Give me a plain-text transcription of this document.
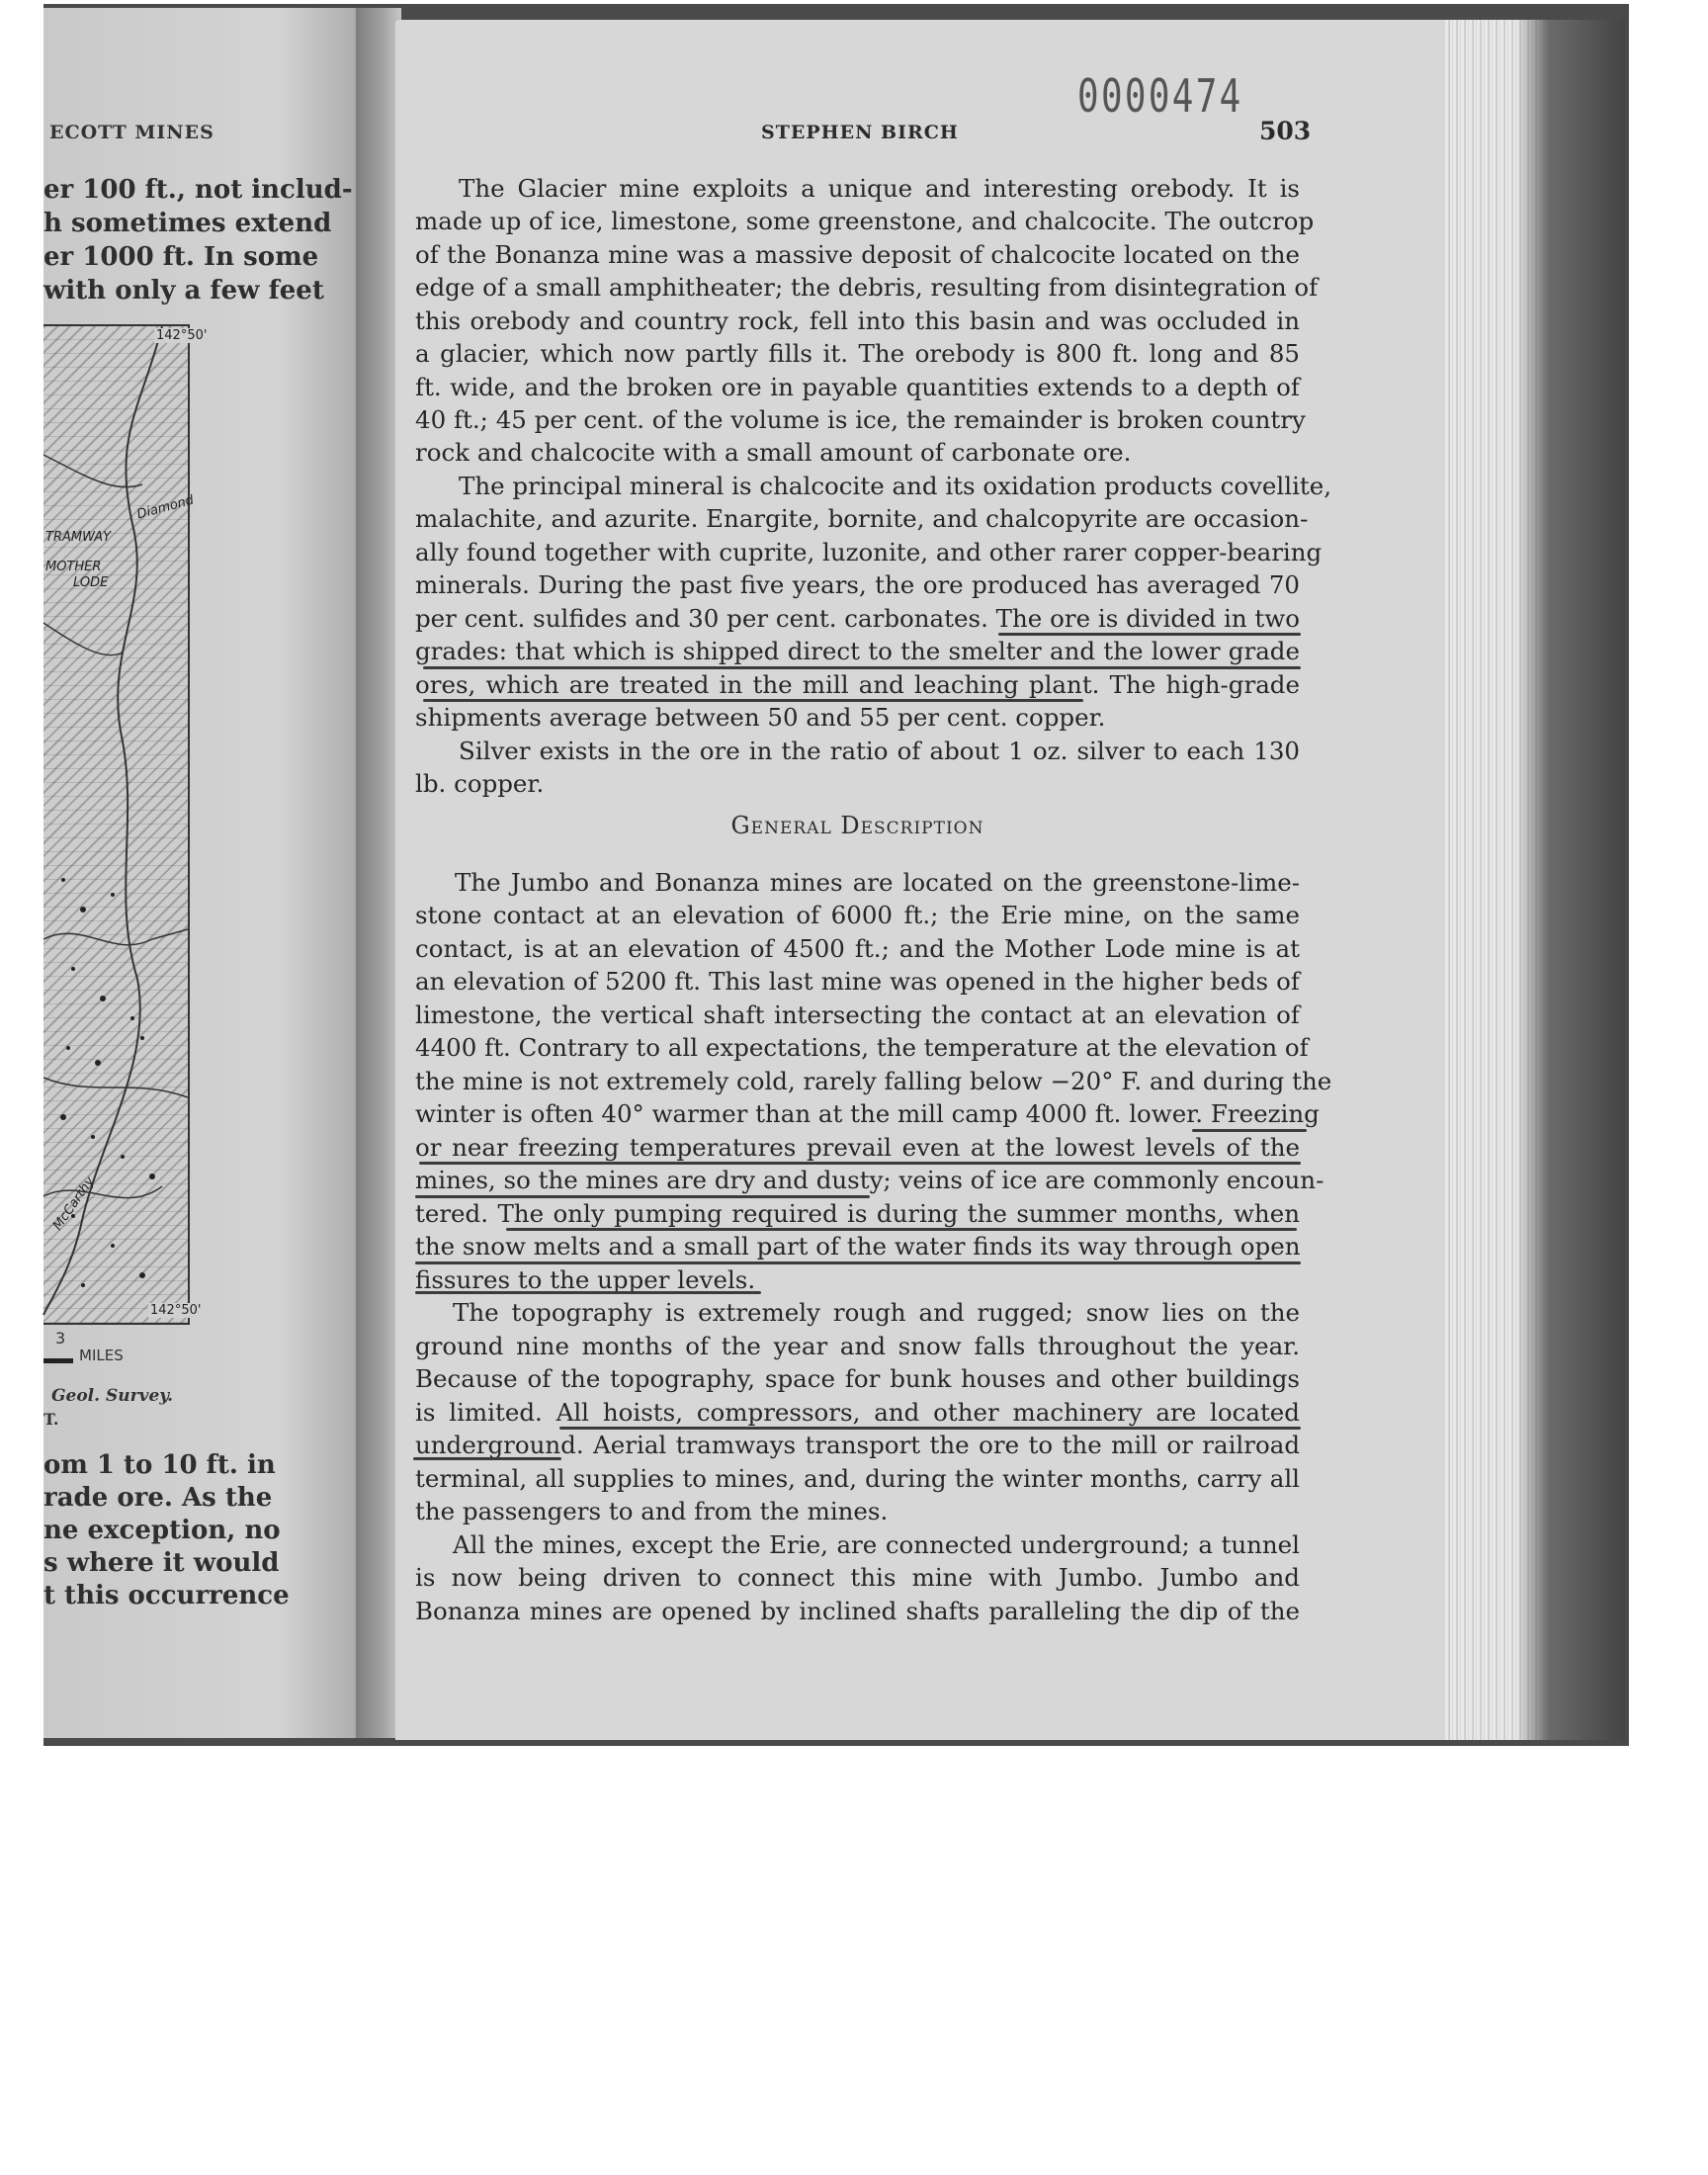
ECOTT MINES
er 100 ft., not includ-
h sometimes extend
er 1000 ft. In some
with only a few feet
142°50'
142°50'
TRAMWAY
MOTHER
LODE
McCarthy
Diamond
3
MILES
Geol. Survey.
T.
om 1 to 10 ft. in
rade ore. As the
ne exception, no
s where it would
t this occurrence
0000474
STEPHEN BIRCH	503
The Glacier mine exploits a unique and interesting orebody. It is
made up of ice, limestone, some greenstone, and chalcocite. The outcrop
of the Bonanza mine was a massive deposit of chalcocite located on the
edge of a small amphitheater; the debris, resulting from disintegration of
this orebody and country rock, fell into this basin and was occluded in
a glacier, which now partly fills it. The orebody is 800 ft. long and 85
ft. wide, and the broken ore in payable quantities extends to a depth of
40 ft.; 45 per cent. of the volume is ice, the remainder is broken country
rock and chalcocite with a small amount of carbonate ore.
The principal mineral is chalcocite and its oxidation products covellite,
malachite, and azurite. Enargite, bornite, and chalcopyrite are occasion-
ally found together with cuprite, luzonite, and other rarer copper-bearing
minerals. During the past five years, the ore produced has averaged 70
per cent. sulfides and 30 per cent. carbonates. The ore is divided in two
grades: that which is shipped direct to the smelter and the lower grade
ores, which are treated in the mill and leaching plant. The high-grade
shipments average between 50 and 55 per cent. copper.
Silver exists in the ore in the ratio of about 1 oz. silver to each 130
lb. copper.
General Description
The Jumbo and Bonanza mines are located on the greenstone-lime-
stone contact at an elevation of 6000 ft.; the Erie mine, on the same
contact, is at an elevation of 4500 ft.; and the Mother Lode mine is at
an elevation of 5200 ft. This last mine was opened in the higher beds of
limestone, the vertical shaft intersecting the contact at an elevation of
4400 ft. Contrary to all expectations, the temperature at the elevation of
the mine is not extremely cold, rarely falling below −20° F. and during the
winter is often 40° warmer than at the mill camp 4000 ft. lower. Freezing
or near freezing temperatures prevail even at the lowest levels of the
mines, so the mines are dry and dusty; veins of ice are commonly encoun-
tered. The only pumping required is during the summer months, when
the snow melts and a small part of the water finds its way through open
fissures to the upper levels.
The topography is extremely rough and rugged; snow lies on the
ground nine months of the year and snow falls throughout the year.
Because of the topography, space for bunk houses and other buildings
is limited. All hoists, compressors, and other machinery are located
underground. Aerial tramways transport the ore to the mill or railroad
terminal, all supplies to mines, and, during the winter months, carry all
the passengers to and from the mines.
All the mines, except the Erie, are connected underground; a tunnel
is now being driven to connect this mine with Jumbo. Jumbo and
Bonanza mines are opened by inclined shafts paralleling the dip of the
